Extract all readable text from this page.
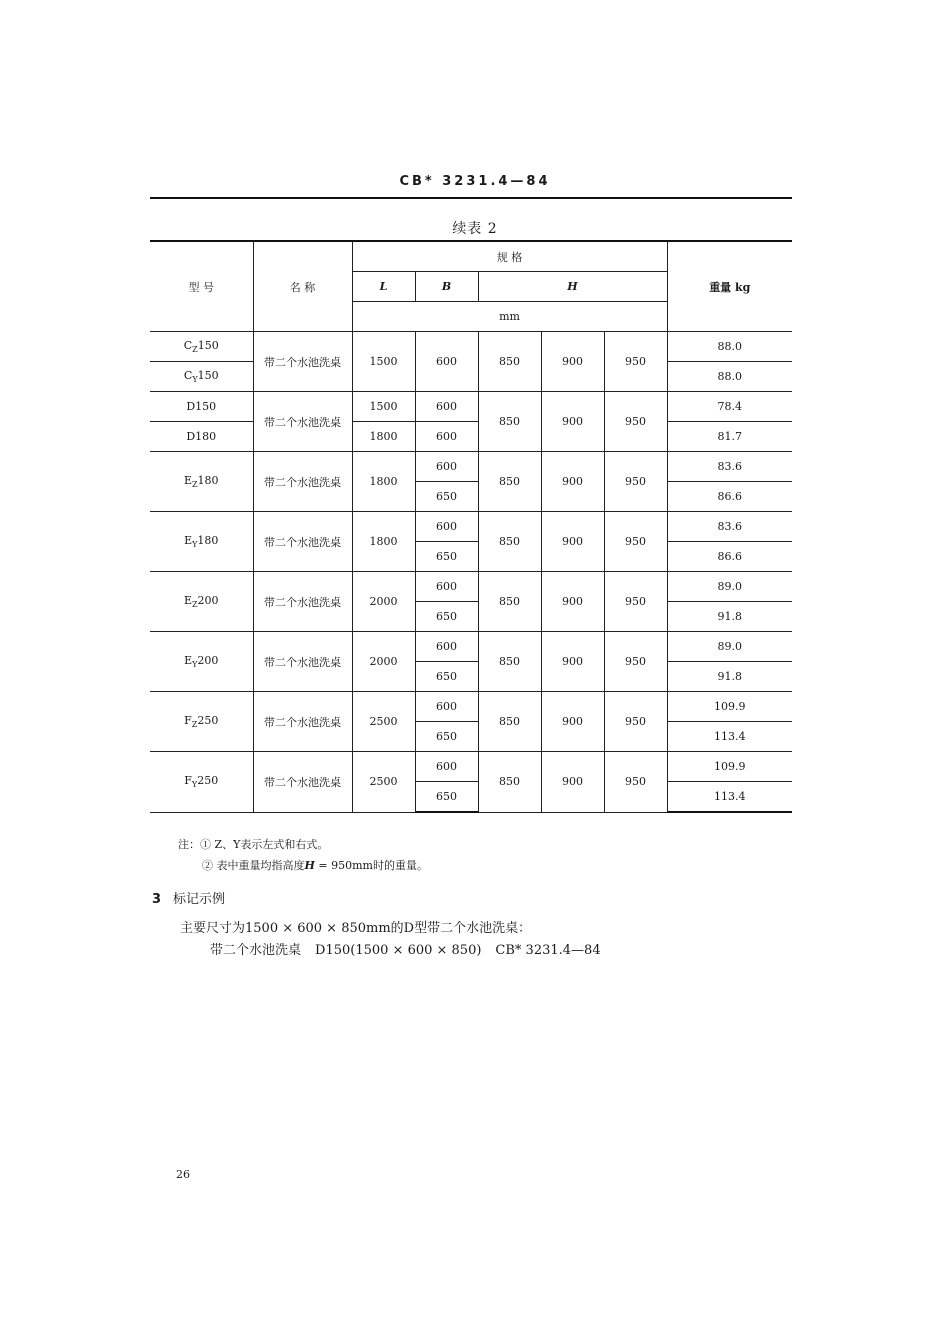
CB* 3231.4—84
续表 2
型 号	名 称	规 格					重量 kg
		L	B	H			
		mm					
$C_Z150$	带二个水池洗桌	1500	600	850	900	950	88.0
$C_Y150$							88.0
D150	带二个水池洗桌	1500	600	850	900	950	78.4
D180		1800	600				81.7
$E_Z180$	带二个水池洗桌	1800	600	850	900	950	83.6
			650				86.6
$E_Y180$	带二个水池洗桌	1800	600	850	900	950	83.6
			650				86.6
$E_Z200$	带二个水池洗桌	2000	600	850	900	950	89.0
			650				91.8
$E_Y200$	带二个水池洗桌	2000	600	850	900	950	89.0
			650				91.8
$F_Z250$	带二个水池洗桌	2500	600	850	900	950	109.9
			650				113.4
$F_Y250$	带二个水池洗桌	2500	600	850	900	950	109.9
			650				113.4
注：① Z、Y表示左式和右式。
② 表中重量均指高度H = 950mm时的重量。
3 标记示例
主要尺寸为1500 × 600 × 850mm的D型带二个水池洗桌：
带二个水池洗桌 D150(1500 × 600 × 850) CB* 3231.4—84
26
